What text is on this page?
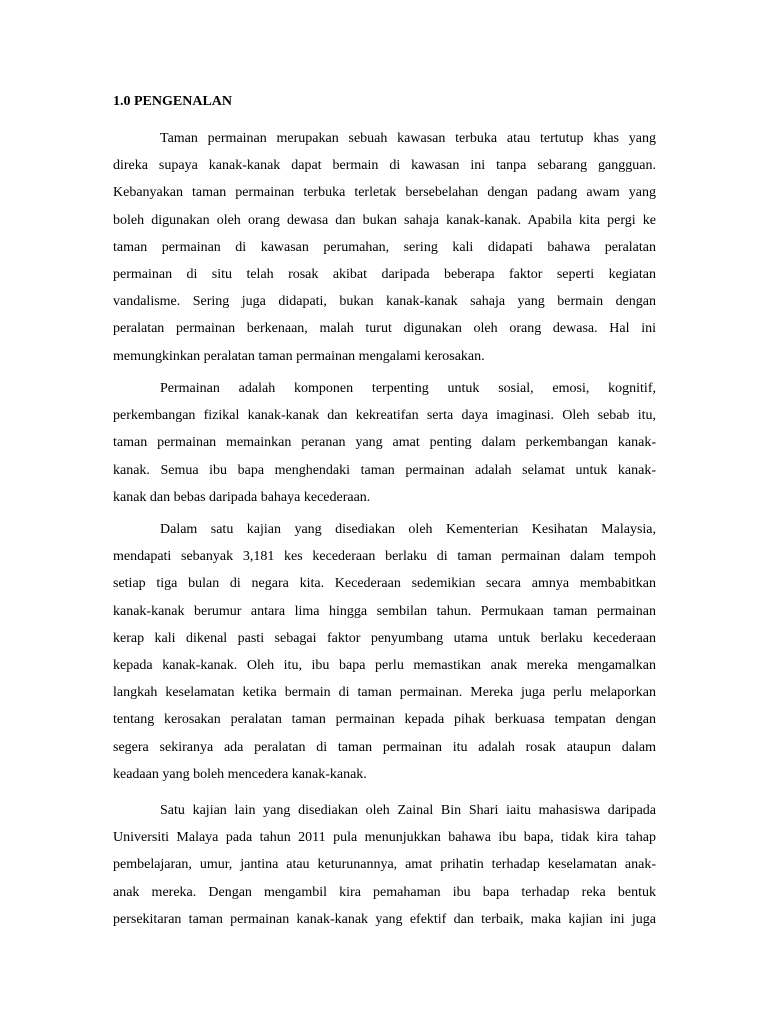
1.0 PENGENALAN
Taman permainan merupakan sebuah kawasan terbuka atau tertutup khas yang
direka supaya kanak-kanak dapat bermain di kawasan ini tanpa sebarang gangguan.
Kebanyakan taman permainan terbuka terletak bersebelahan dengan padang awam yang
boleh digunakan oleh orang dewasa dan bukan sahaja kanak-kanak. Apabila kita pergi ke
taman permainan di kawasan perumahan, sering kali didapati bahawa peralatan
permainan di situ telah rosak akibat daripada beberapa faktor seperti kegiatan
vandalisme. Sering juga didapati, bukan kanak-kanak sahaja yang bermain dengan
peralatan permainan berkenaan, malah turut digunakan oleh orang dewasa. Hal ini
memungkinkan peralatan taman permainan mengalami kerosakan.
Permainan adalah komponen terpenting untuk sosial, emosi, kognitif,
perkembangan fizikal kanak-kanak dan kekreatifan serta daya imaginasi. Oleh sebab itu,
taman permainan memainkan peranan yang amat penting dalam perkembangan kanak-
kanak. Semua ibu bapa menghendaki taman permainan adalah selamat untuk kanak-
kanak dan bebas daripada bahaya kecederaan.
Dalam satu kajian yang disediakan oleh Kementerian Kesihatan Malaysia,
mendapati sebanyak 3,181 kes kecederaan berlaku di taman permainan dalam tempoh
setiap tiga bulan di negara kita. Kecederaan sedemikian secara amnya membabitkan
kanak-kanak berumur antara lima hingga sembilan tahun. Permukaan taman permainan
kerap kali dikenal pasti sebagai faktor penyumbang utama untuk berlaku kecederaan
kepada kanak-kanak. Oleh itu, ibu bapa perlu memastikan anak mereka mengamalkan
langkah keselamatan ketika bermain di taman permainan. Mereka juga perlu melaporkan
tentang kerosakan peralatan taman permainan kepada pihak berkuasa tempatan dengan
segera sekiranya ada peralatan di taman permainan itu adalah rosak ataupun dalam
keadaan yang boleh mencedera kanak-kanak.
Satu kajian lain yang disediakan oleh Zainal Bin Shari iaitu mahasiswa daripada
Universiti Malaya pada tahun 2011 pula menunjukkan bahawa ibu bapa, tidak kira tahap
pembelajaran, umur, jantina atau keturunannya, amat prihatin terhadap keselamatan anak-
anak mereka. Dengan mengambil kira pemahaman ibu bapa terhadap reka bentuk
persekitaran taman permainan kanak-kanak yang efektif dan terbaik, maka kajian ini juga
